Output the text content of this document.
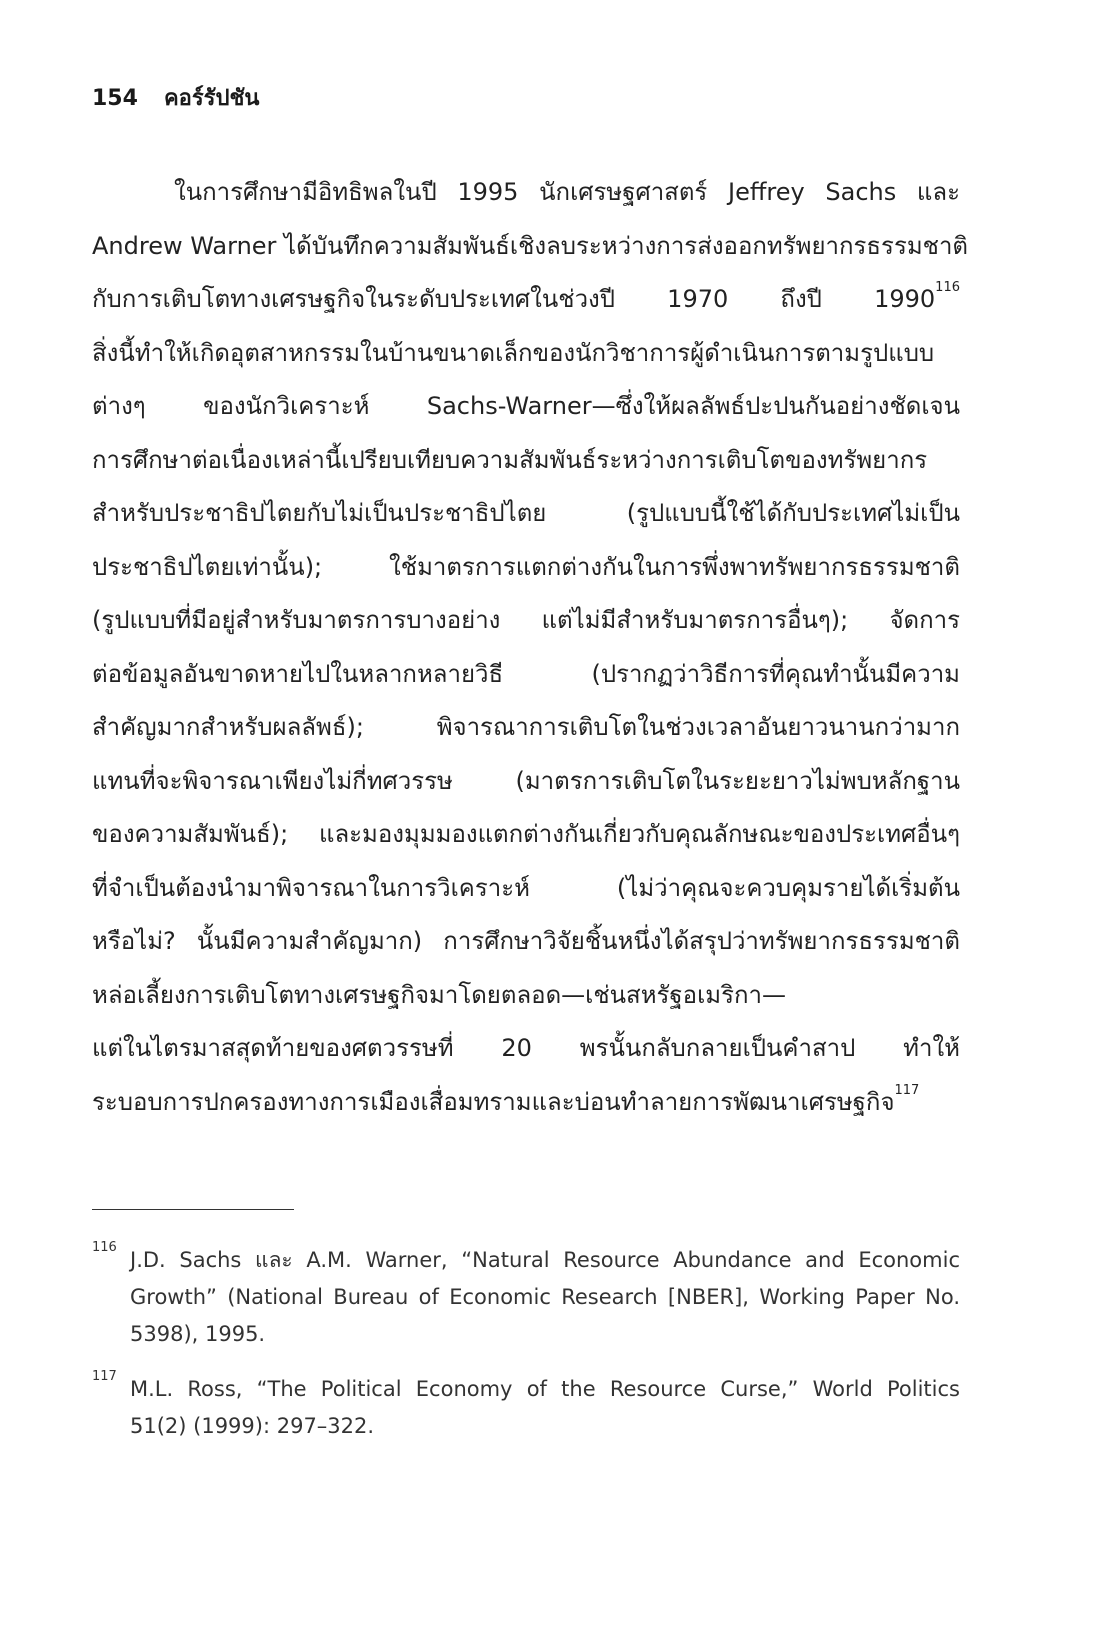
154 คอร์รัปชัน
ในการศึกษามีอิทธิพลในปี 1995 นักเศรษฐศาสตร์ Jeffrey Sachs และ
Andrew Warner ได้บันทึกความสัมพันธ์เชิงลบระหว่างการส่งออกทรัพยากรธรรมชาติ
กับการเติบโตทางเศรษฐกิจในระดับประเทศในช่วงปี 1970 ถึงปี 1990$^{116}$
สิ่งนี้ทำให้เกิดอุตสาหกรรมในบ้านขนาดเล็กของนักวิชาการผู้ดำเนินการตามรูปแบบ
ต่างๆ ของนักวิเคราะห์ Sachs-Warner—ซึ่งให้ผลลัพธ์ปะปนกันอย่างชัดเจน
การศึกษาต่อเนื่องเหล่านี้เปรียบเทียบความสัมพันธ์ระหว่างการเติบโตของทรัพยากร
สำหรับประชาธิปไตยกับไม่เป็นประชาธิปไตย (รูปแบบนี้ใช้ได้กับประเทศไม่เป็น
ประชาธิปไตยเท่านั้น); ใช้มาตรการแตกต่างกันในการพึ่งพาทรัพยากรธรรมชาติ
(รูปแบบที่มีอยู่สำหรับมาตรการบางอย่าง แต่ไม่มีสำหรับมาตรการอื่นๆ); จัดการ
ต่อข้อมูลอันขาดหายไปในหลากหลายวิธี (ปรากฏว่าวิธีการที่คุณทำนั้นมีความ
สำคัญมากสำหรับผลลัพธ์); พิจารณาการเติบโตในช่วงเวลาอันยาวนานกว่ามาก
แทนที่จะพิจารณาเพียงไม่กี่ทศวรรษ (มาตรการเติบโตในระยะยาวไม่พบหลักฐาน
ของความสัมพันธ์); และมองมุมมองแตกต่างกันเกี่ยวกับคุณลักษณะของประเทศอื่นๆ
ที่จำเป็นต้องนำมาพิจารณาในการวิเคราะห์ (ไม่ว่าคุณจะควบคุมรายได้เริ่มต้น
หรือไม่? นั้นมีความสำคัญมาก) การศึกษาวิจัยชิ้นหนึ่งได้สรุปว่าทรัพยากรธรรมชาติ
หล่อเลี้ยงการเติบโตทางเศรษฐกิจมาโดยตลอด—เช่นสหรัฐอเมริกา—
แต่ในไตรมาสสุดท้ายของศตวรรษที่ 20 พรนั้นกลับกลายเป็นคำสาป ทำให้
ระบอบการปกครองทางการเมืองเสื่อมทรามและบ่อนทำลายการพัฒนาเศรษฐกิจ$^{117}$
116
J.D. Sachs และ A.M. Warner, “Natural Resource Abundance and Economic
Growth” (National Bureau of Economic Research [NBER], Working Paper No.
5398), 1995.
117
M.L. Ross, “The Political Economy of the Resource Curse,” World Politics
51(2) (1999): 297–322.
